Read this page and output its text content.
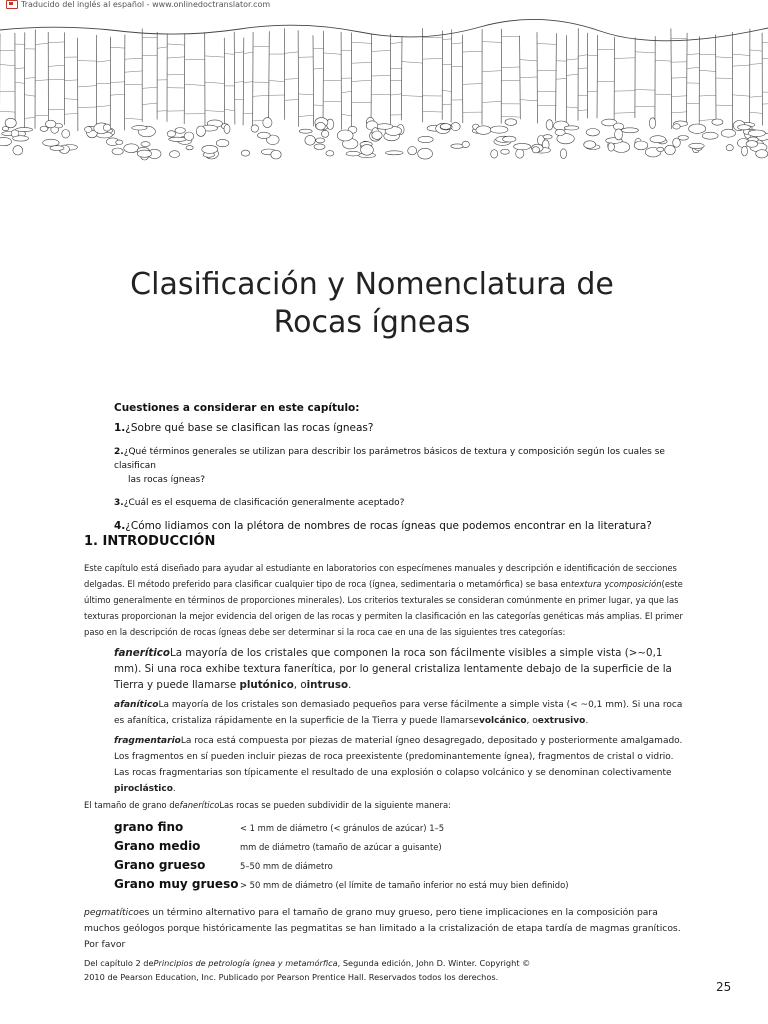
Traducido del inglés al español - www.onlinedoctranslator.com
Clasificación y Nomenclatura de
Rocas ígneas
Cuestiones a considerar en este capítulo:
1.¿Sobre qué base se clasifican las rocas ígneas?
2.¿Qué términos generales se utilizan para describir los parámetros básicos de textura y composición según los cuales se clasifican
las rocas ígneas?
3.¿Cuál es el esquema de clasificación generalmente aceptado?
4.¿Cómo lidiamos con la plétora de nombres de rocas ígneas que podemos encontrar en la literatura?
1. INTRODUCCIÓN
Este capítulo está diseñado para ayudar al estudiante en laboratorios con especímenes manuales y descripción e identificación de secciones delgadas. El método preferido para clasificar cualquier tipo de roca (ígnea, sedimentaria o metamórfica) se basa entextura ycomposición(este último generalmente en términos de proporciones minerales). Los criterios texturales se consideran comúnmente en primer lugar, ya que las texturas proporcionan la mejor evidencia del origen de las rocas y permiten la clasificación en las categorías genéticas más amplias. El primer paso en la descripción de rocas ígneas debe ser determinar si la roca cae en una de las siguientes tres categorías:
faneríticoLa mayoría de los cristales que componen la roca son fácilmente visibles a simple vista (>~0,1 mm). Si una roca exhibe textura fanerítica, por lo general cristaliza lentamente debajo de la superficie de la Tierra y puede llamarse plutónico, ointruso.
afaníticoLa mayoría de los cristales son demasiado pequeños para verse fácilmente a simple vista (< ~0,1 mm). Si una roca es afanítica, cristaliza rápidamente en la superficie de la Tierra y puede llamarsevolcánico, oextrusivo.
fragmentarioLa roca está compuesta por piezas de material ígneo desagregado, depositado y posteriormente amalgamado. Los fragmentos en sí pueden incluir piezas de roca preexistente (predominantemente ígnea), fragmentos de cristal o vidrio. Las rocas fragmentarias son típicamente el resultado de una explosión o colapso volcánico y se denominan colectivamente piroclástico.
El tamaño de grano defaneríticoLas rocas se pueden subdividir de la siguiente manera:
grano fino	< 1 mm de diámetro (< gránulos de azúcar) 1–5
Grano medio	mm de diámetro (tamaño de azúcar a guisante)
Grano grueso	5–50 mm de diámetro
Grano muy grueso > 50 mm de diámetro (el límite de tamaño inferior no está muy bien definido)
pegmatíticoes un término alternativo para el tamaño de grano muy grueso, pero tiene implicaciones en la composición para muchos geólogos porque históricamente las pegmatitas se han limitado a la cristalización de etapa tardía de magmas graníticos. Por favor
Del capítulo 2 dePrincipios de petrología ígnea y metamórfica, Segunda edición, John D. Winter. Copyright ©
2010 de Pearson Education, Inc. Publicado por Pearson Prentice Hall. Reservados todos los derechos.
25
